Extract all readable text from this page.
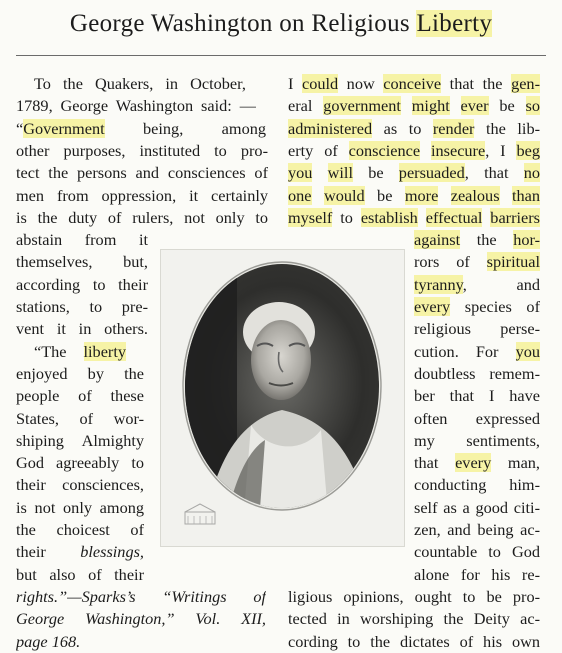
George Washington on Religious Liberty
To the Quakers, in October,
1789, George Washington said: —
“Government being, among
other purposes, instituted to pro-
tect the persons and consciences of
men from oppression, it certainly
is the duty of rulers, not only to
abstain from it
themselves, but,
according to their
stations, to pre-
vent it in others.
“The liberty
enjoyed by the
people of these
States, of wor-
shiping Almighty
God agreeably to
their consciences,
is not only among
the choicest of
their blessings,
but also of their
rights.”—Sparks’s “Writings of
George Washington,” Vol. XII,
page 168.
I could now conceive that the gen-
eral government might ever be so
administered as to render the lib-
erty of conscience insecure, I beg
you will be persuaded, that no
one would be more zealous than
myself to establish effectual barriers
against the hor-
rors of spiritual
tyranny, and
every species of
religious perse-
cution. For you
doubtless remem-
ber that I have
often expressed
my sentiments,
that every man,
conducting him-
self as a good citi-
zen, and being ac-
countable to God
alone for his re-
ligious opinions, ought to be pro-
tected in worshiping the Deity ac-
cording to the dictates of his own
